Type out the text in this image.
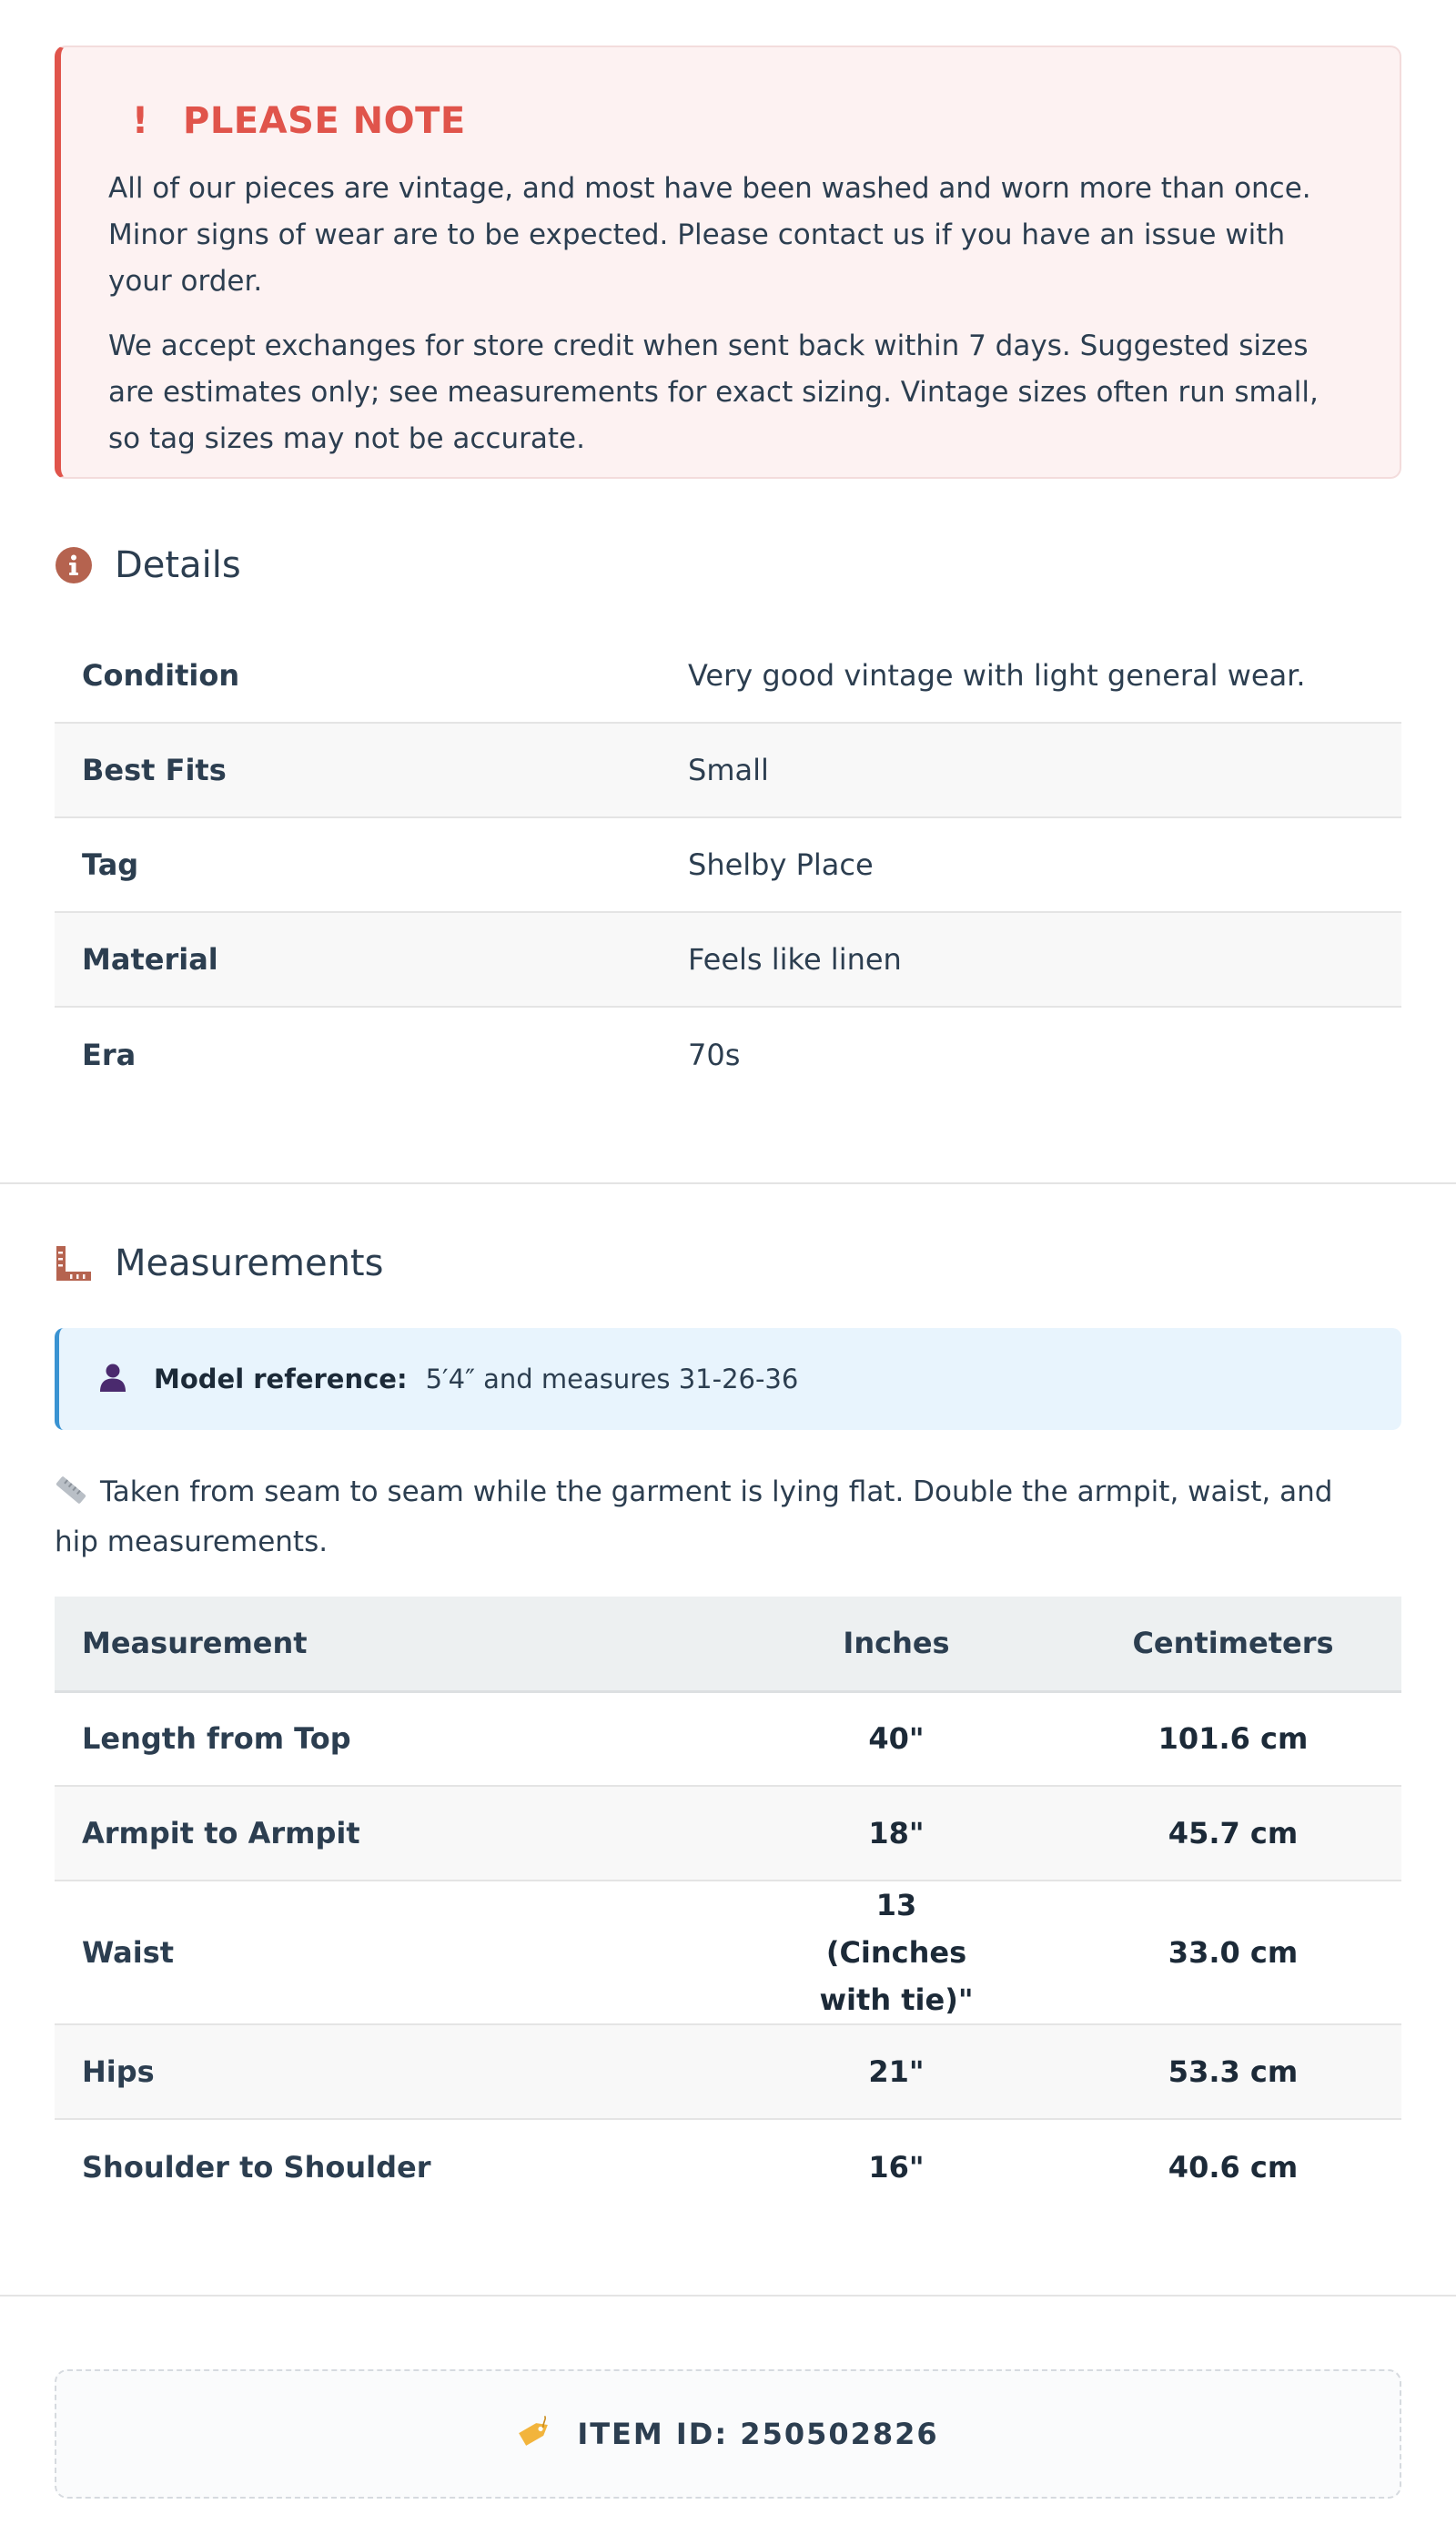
! PLEASE NOTE

All of our pieces are vintage, and most have been washed and worn more than once. Minor signs of wear are to be expected. Please contact us if you have an issue with your order.

We accept exchanges for store credit when sent back within 7 days. Suggested sizes are estimates only; see measurements for exact sizing. Vintage sizes often run small, so tag sizes may not be accurate.

Details
Condition	Very good vintage with light general wear.
Best Fits	Small
Tag	Shelby Place
Material	Feels like linen
Era	70s
Measurements
Model reference: 5′4″ and measures 31-26-36
Taken from seam to seam while the garment is lying flat. Double the armpit, waist, and hip measurements.
Measurement	Inches	Centimeters
Length from Top	40"	101.6 cm
Armpit to Armpit	18"	45.7 cm
Waist	13 (Cinches with tie)"	33.0 cm
Hips	21"	53.3 cm
Shoulder to Shoulder	16"	40.6 cm
ITEM ID: 250502826
